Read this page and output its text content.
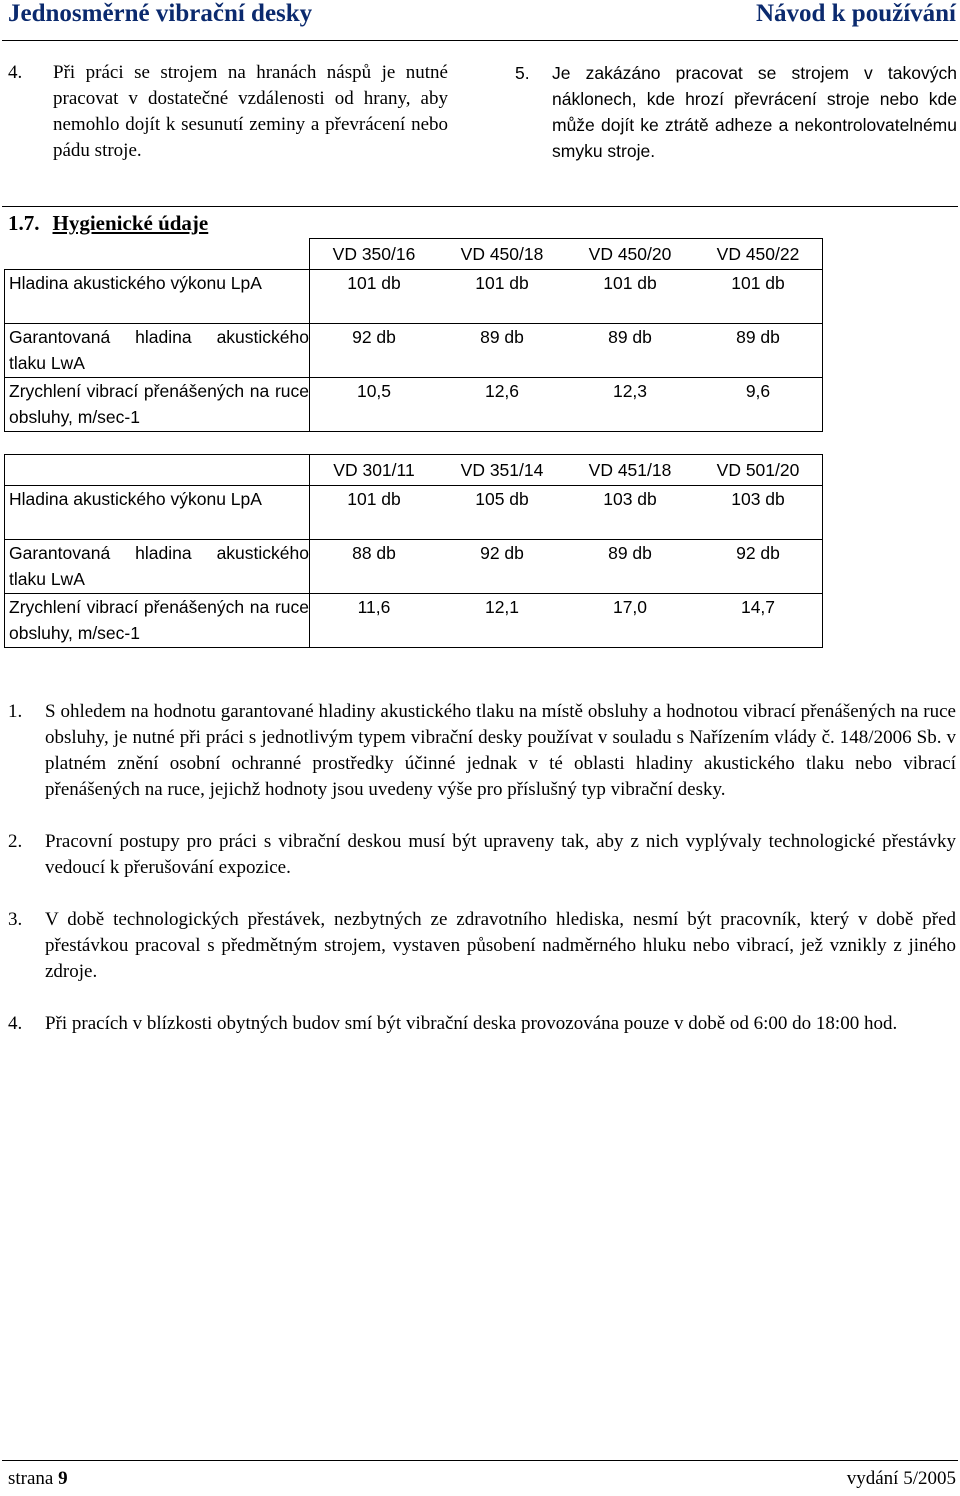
Jednosměrné vibrační desky	Návod k používání
4.	Při práci se strojem na hranách náspů je nutné pracovat v dostatečné vzdálenosti od hrany, aby nemohlo dojít k sesunutí zeminy a převrácení nebo pádu stroje.
5.	Je zakázáno pracovat se strojem v takových náklonech, kde hrozí převrácení stroje nebo kde může dojít ke ztrátě adheze a nekontrolovatelnému smyku stroje.
1.7. Hygienické údaje
	VD 350/16	VD 450/18	VD 450/20	VD 450/22
Hladina akustického výkonu LpA	101 db	101 db	101 db	101 db
Garantovaná hladina akustického tlaku LwA	92 db	89 db	89 db	89 db
Zrychlení vibrací přenášených na ruce obsluhy, m/sec-1	10,5	12,6	12,3	9,6
	VD 301/11	VD 351/14	VD 451/18	VD 501/20
Hladina akustického výkonu LpA	101 db	105 db	103 db	103 db
Garantovaná hladina akustického tlaku LwA	88 db	92 db	89 db	92 db
Zrychlení vibrací přenášených na ruce obsluhy, m/sec-1	11,6	12,1	17,0	14,7
1.	S ohledem na hodnotu garantované hladiny akustického tlaku na místě obsluhy a hodnotou vibrací přenášených na ruce obsluhy, je nutné při práci s jednotlivým typem vibrační desky používat v souladu s Nařízením vlády č. 148/2006 Sb. v platném znění osobní ochranné prostředky účinné jednak v té oblasti hladiny akustického tlaku nebo vibrací přenášených na ruce, jejichž hodnoty jsou uvedeny výše pro příslušný typ vibrační desky.
2.	Pracovní postupy pro práci s vibrační deskou musí být upraveny tak, aby z nich vyplývaly technologické přestávky vedoucí k přerušování expozice.
3.	V době technologických přestávek, nezbytných ze zdravotního hlediska, nesmí být pracovník, který v době před přestávkou pracoval s předmětným strojem, vystaven působení nadměrného hluku nebo vibrací, jež vznikly z jiného zdroje.
4.	Při pracích v blízkosti obytných budov smí být vibrační deska provozována pouze v době od 6:00 do 18:00 hod.
strana 9	vydání 5/2005
